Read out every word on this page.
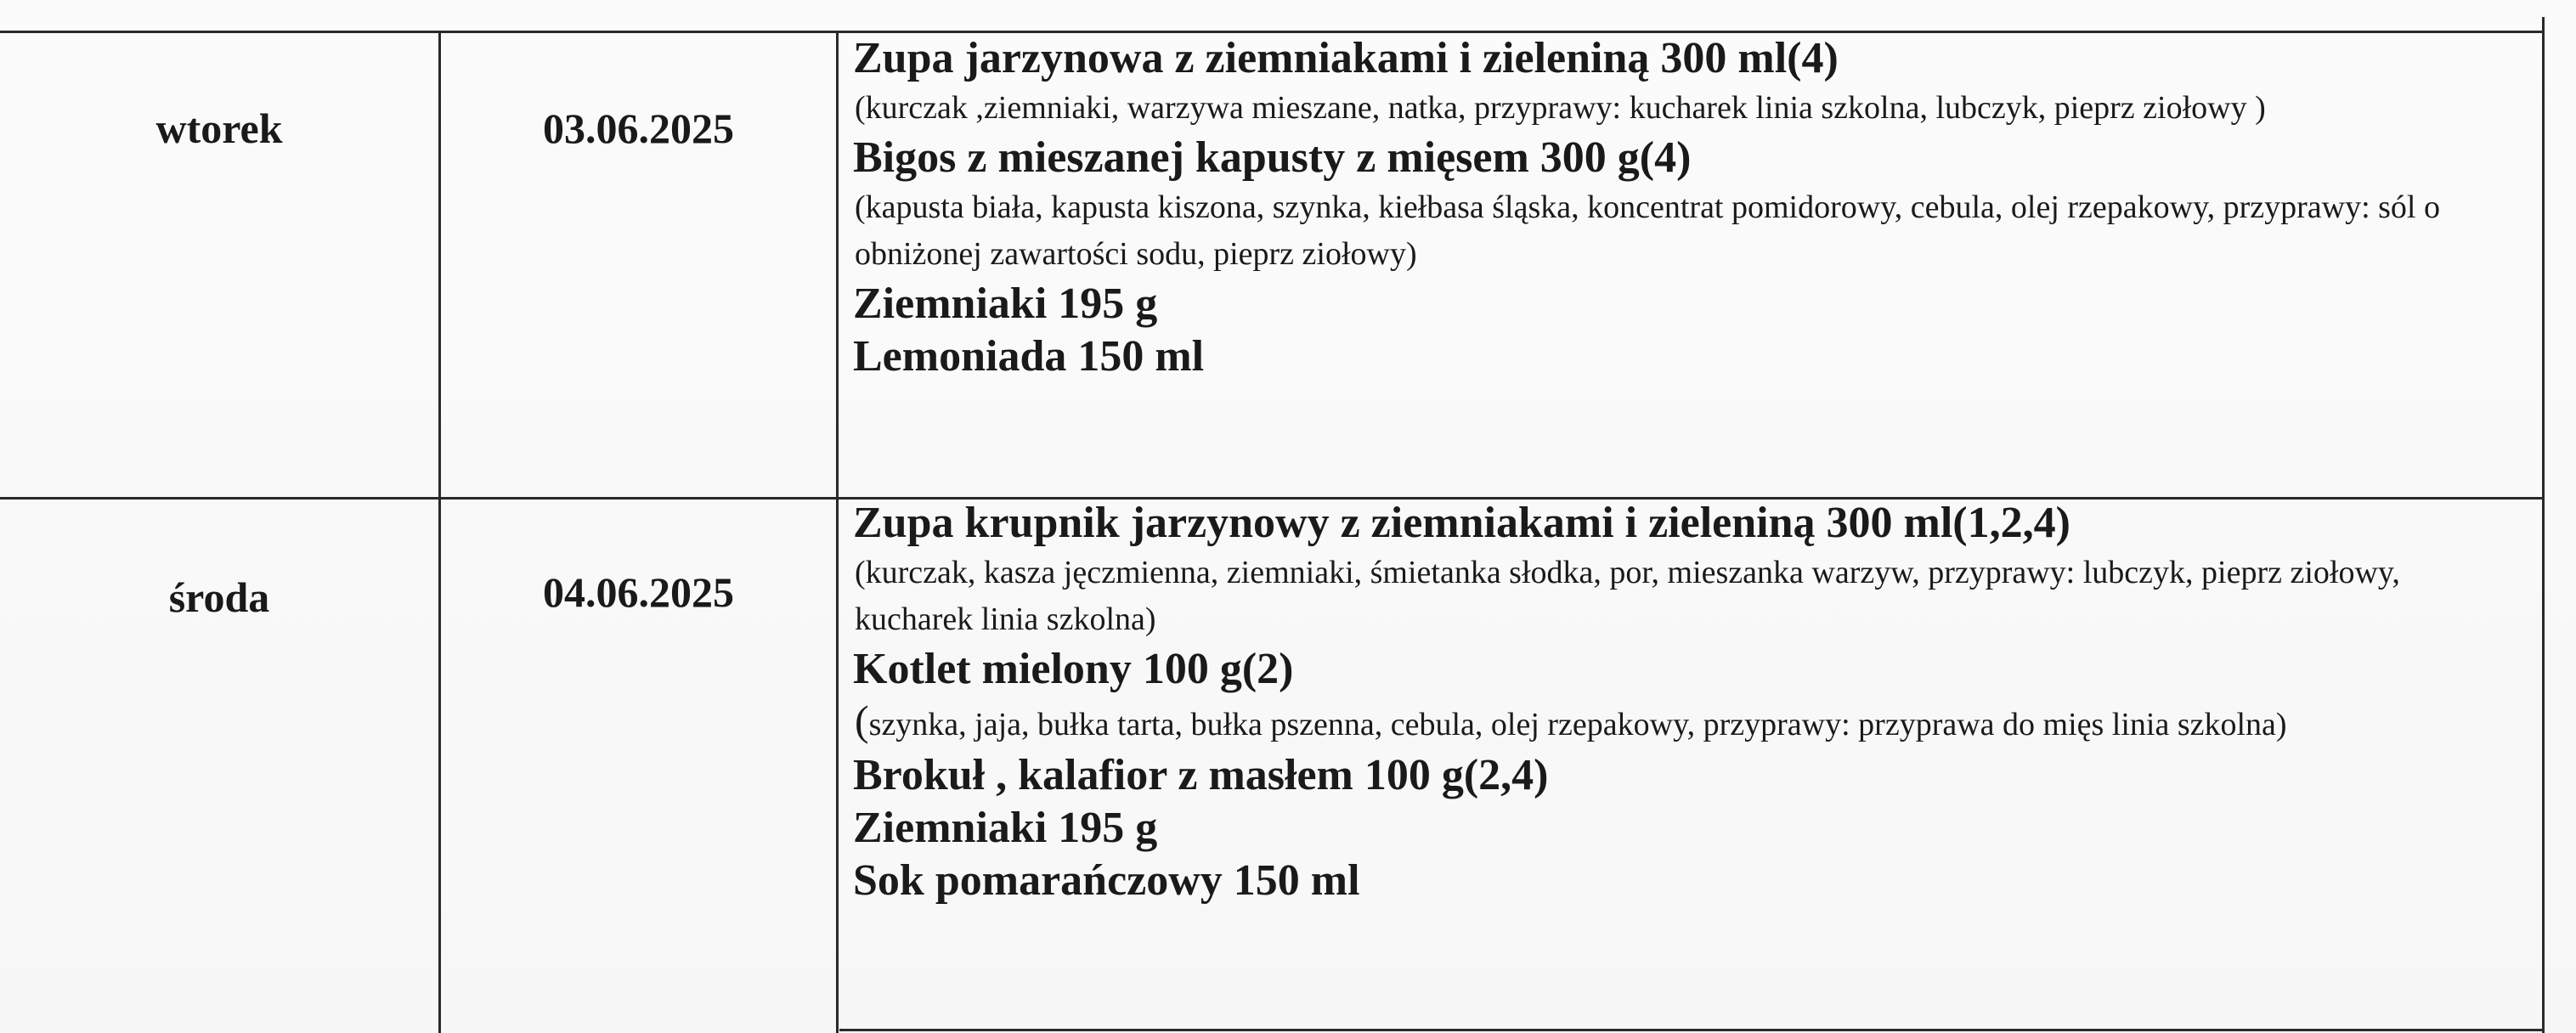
wtorek	03.06.2025

Zupa jarzynowa z ziemniakami i zieleniną 300 ml(4)

(kurczak ,ziemniaki, warzywa mieszane, natka, przyprawy: kucharek linia szkolna, lubczyk, pieprz ziołowy )

Bigos z mieszanej kapusty z mięsem 300 g(4)

(kapusta biała, kapusta kiszona, szynka, kiełbasa śląska, koncentrat pomidorowy, cebula, olej rzepakowy, przyprawy: sól o obniżonej zawartości sodu, pieprz ziołowy)

Ziemniaki 195 g

Lemoniada 150 ml

środa	04.06.2025

Zupa krupnik jarzynowy z ziemniakami i zieleniną 300 ml(1,2,4)

(kurczak, kasza jęczmienna, ziemniaki, śmietanka słodka, por, mieszanka warzyw, przyprawy: lubczyk, pieprz ziołowy, kucharek linia szkolna)

Kotlet mielony 100 g(2)

(szynka, jaja, bułka tarta, bułka pszenna, cebula, olej rzepakowy, przyprawy: przyprawa do mięs linia szkolna)

Brokuł , kalafior z masłem 100 g(2,4)

Ziemniaki 195 g

Sok pomarańczowy 150 ml
